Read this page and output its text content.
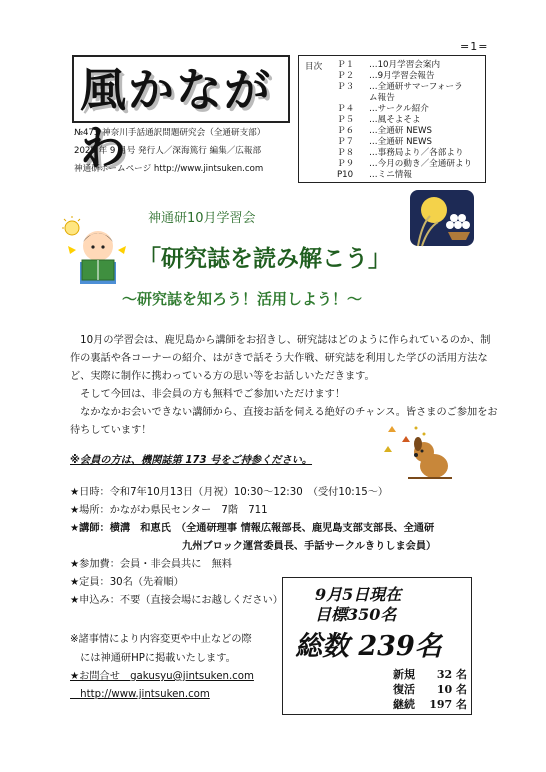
=1=
風かながわ
№473 神奈川手話通訳問題研究会（全通研支部）
2025 年 9 月号 発行人／深海篤行 編集／広報部
神通研ホームページ http://www.jintsuken.com
目次 Ｐ１ …10月学習会案内
Ｐ２ …9月学習会報告
Ｐ３ …全通研サマーフォーラ
ム報告
Ｐ４ …サークル紹介
Ｐ５ …風そよそよ
Ｐ６ …全通研 NEWS
Ｐ７ …全通研 NEWS
Ｐ８ …事務局より／各部より
Ｐ９ …今月の動き／全通研より
P10 …ミニ情報
神通研10月学習会
「研究誌を読み解こう」
～研究誌を知ろう！活用しよう！～
　10月の学習会は、鹿児島から講師をお招きし、研究誌はどのように作られているのか、制作の裏話や各コーナーの紹介、はがきで話そう大作戦、研究誌を利用した学びの活用方法など、実際に制作に携わっている方の思い等をお話しいただきます。
　そして今回は、非会員の方も無料でご参加いただけます！
　なかなかお会いできない講師から、直接お話を伺える絶好のチャンス。皆さまのご参加をお待ちしています！
※会員の方は、機関誌第 173 号をご持参ください。
★日時：令和7年10月13日（月祝）10:30～12:30　（受付10:15～）
★場所：かながわ県民センター　7階　711
★講師：横溝　和恵氏　（全通研理事 情報広報部長、鹿児島支部支部長、全通研
　　　　　　　　　　　九州ブロック運営委員長、手話サークルきりしま会員）
★参加費：会員・非会員共に　無料
★定員：30名（先着順）
★申込み：不要（直接会場にお越しください）
※諸事情により内容変更や中止などの際
　には神通研HPに掲載いたします。
★お問合せ　gakusyu@jintsuken.com
　http://www.jintsuken.com
9月5日現在
目標350名
総数 239名
新規 32 名
復活 10 名
継続 197 名
